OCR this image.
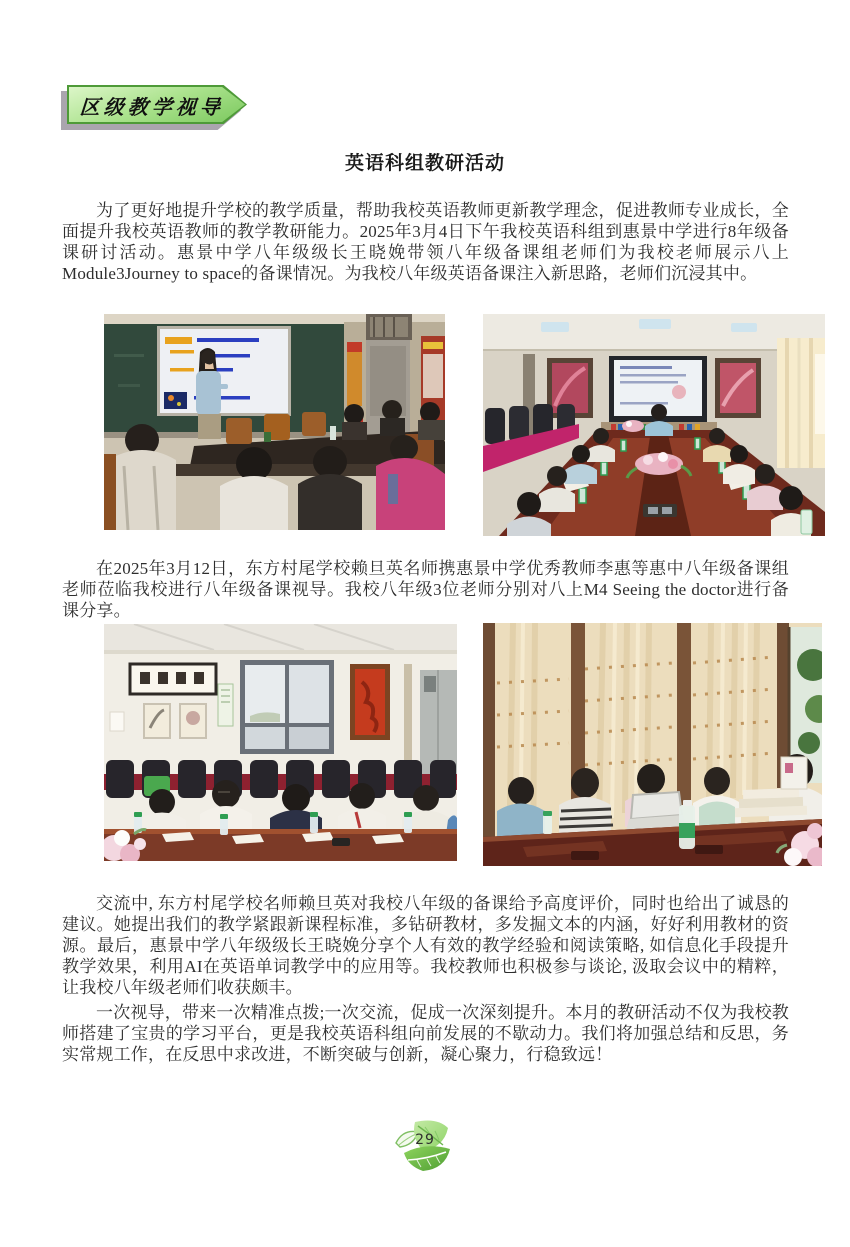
区级教学视导
英语科组教研活动

为了更好地提升学校的教学质量，帮助我校英语教师更新教学理念，促进教师专业成长，全面提升我校英语教师的教学教研能力。2025年3月4日下午我校英语科组到惠景中学进行8年级备课研讨活动。惠景中学八年级级长王晓娩带领八年级备课组老师们为我校老师展示八上Module3Journey to space的备课情况。为我校八年级英语备课注入新思路，老师们沉浸其中。

在2025年3月12日，东方村尾学校赖旦英名师携惠景中学优秀教师李惠等惠中八年级备课组老师莅临我校进行八年级备课视导。我校八年级3位老师分别对八上M4 Seeing the doctor进行备课分享。

交流中, 东方村尾学校名师赖旦英对我校八年级的备课给予高度评价，同时也给出了诚恳的建议。她提出我们的教学紧跟新课程标准，多钻研教材，多发掘文本的内涵，好好利用教材的资源。最后，惠景中学八年级级长王晓娩分享个人有效的教学经验和阅读策略, 如信息化手段提升教学效果，利用AI在英语单词教学中的应用等。我校教师也积极参与谈论, 汲取会议中的精粹，让我校八年级老师们收获颇丰。

一次视导，带来一次精准点拨;一次交流，促成一次深刻提升。本月的教研活动不仅为我校教师搭建了宝贵的学习平台，更是我校英语科组向前发展的不歇动力。我们将加强总结和反思，务实常规工作，在反思中求改进，不断突破与创新，凝心聚力，行稳致远！

29
